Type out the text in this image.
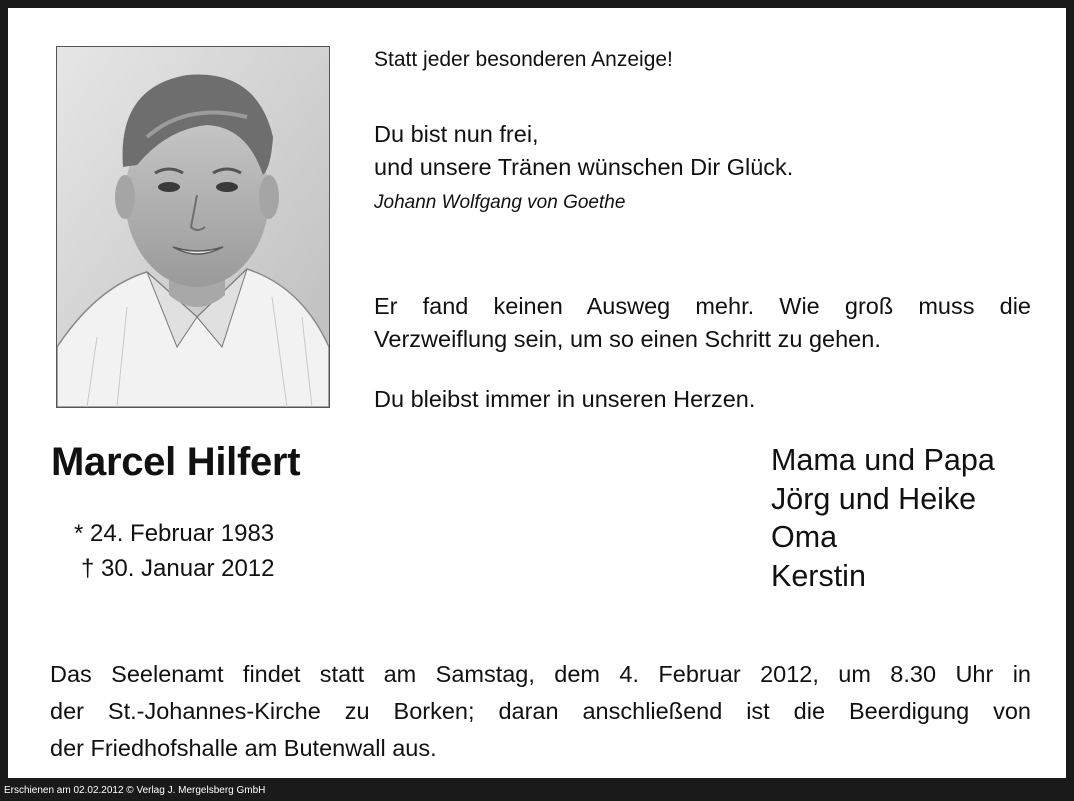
Statt jeder besonderen Anzeige!

Du bist nun frei,
und unsere Tränen wünschen Dir Glück.

Johann Wolfgang von Goethe

Er fand keinen Ausweg mehr. Wie groß muss die
Verzweiflung sein, um so einen Schritt zu gehen.

Du bleibst immer in unseren Herzen.

Marcel Hilfert

* 24. Februar 1983

† 30. Januar 2012

Mama und Papa
Jörg und Heike
Oma
Kerstin
Das Seelenamt findet statt am Samstag, dem 4. Februar 2012, um 8.30 Uhr in
der St.-Johannes-Kirche zu Borken; daran anschließend ist die Beerdigung von
der Friedhofshalle am Butenwall aus.
Erschienen am 02.02.2012 © Verlag J. Mergelsberg GmbH
